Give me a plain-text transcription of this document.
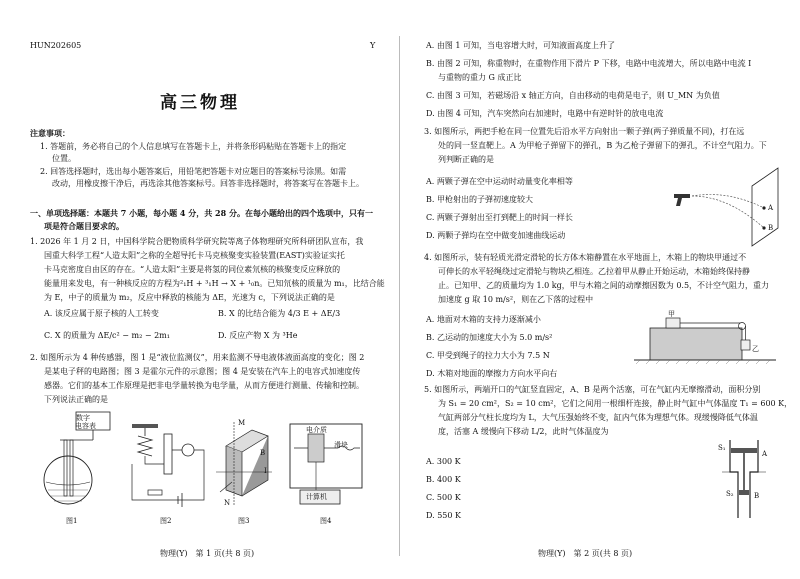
HUN202605	Y
高三物理
注意事项：
1. 答题前，务必将自己的个人信息填写在答题卡上，并将条形码粘贴在答题卡上的指定
位置。
2. 回答选择题时，选出每小题答案后，用铅笔把答题卡对应题目的答案标号涂黑。如需
改动，用橡皮擦干净后，再选涂其他答案标号。回答非选择题时，将答案写在答题卡上。
一、单项选择题：本题共 7 小题，每小题 4 分，共 28 分。在每小题给出的四个选项中，只有一
项是符合题目要求的。
1. 2026 年 1 月 2 日，中国科学院合肥物质科学研究院等离子体物理研究所科研团队宣布，我
国重大科学工程“人造太阳”之称的全超导托卡马克核聚变实验装置(EAST)实验证实托
卡马克密度自由区的存在。“人造太阳”主要是将氢的同位素氘核的核聚变反应释放的
能量用来发电，有一种核反应的方程为²₁H + ³₁H → X + ¹₀n。已知氘核的质量为 m₁，比结合能
为 E，中子的质量为 m₂，反应中释放的核能为 ΔE，光速为 c，下列说法正确的是
A. 该反应属于原子核的人工转变	B. X 的比结合能为 4/3 E + ΔE/3
C. X 的质量为 ΔE/c² − m₂ − 2m₁	D. 反应产物 X 为 ³He
2. 如图所示为 4 种传感器，图 1 是“液位监测仪”，用来监测不导电液体液面高度的变化；图 2
是某电子秤的电路图；图 3 是霍尔元件的示意图；图 4 是安装在汽车上的电容式加速度传
感器。它们的基本工作原理是把非电学量转换为电学量，从而方便进行测量、传输和控制。
下列说法正确的是
数字
电容表	M
B
N
I
电介质
滑块
计算机
图1	图2	图3	图4
物理(Y)　第 1 页(共 8 页)
A. 由图 1 可知，当电容增大时，可知液面高度上升了
B. 由图 2 可知，称重物时，在重物作用下滑片 P 下移，电路中电流增大，所以电路中电流 I
与重物的重力 G 成正比
C. 由图 3 可知，若磁场沿 x 轴正方向，自由移动的电荷是电子，则 U_MN 为负值
D. 由图 4 可知，汽车突然向右加速时，电路中有逆时针的放电电流
3. 如图所示，两把手枪在同一位置先后沿水平方向射出一颗子弹(两子弹质量不同)，打在远
处的同一竖直靶上。A 为甲枪子弹留下的弹孔，B 为乙枪子弹留下的弹孔，不计空气阻力。下
列判断正确的是
A. 两颗子弹在空中运动时动量变化率相等
B. 甲枪射出的子弹初速度较大
C. 两颗子弹射出至打到靶上的时间一样长
D. 两颗子弹均在空中做变加速曲线运动
A
B
4. 如图所示，装有轻质光滑定滑轮的长方体木箱静置在水平地面上，木箱上的物块甲通过不
可伸长的水平轻绳绕过定滑轮与物块乙相连。乙拉着甲从静止开始运动，木箱始终保持静
止。已知甲、乙的质量均为 1.0 kg，甲与木箱之间的动摩擦因数为 0.5，不计空气阻力，重力
加速度 g 取 10 m/s²，则在乙下落的过程中
A. 地面对木箱的支持力逐渐减小
B. 乙运动的加速度大小为 5.0 m/s²
C. 甲受到绳子的拉力大小为 7.5 N
D. 木箱对地面的摩擦力方向水平向右
甲
乙
5. 如图所示，两端开口的气缸竖直固定，A、B 是两个活塞，可在气缸内无摩擦滑动，面积分别
为 S₁ = 20 cm²，S₂ = 10 cm²，它们之间用一根细杆连接，静止时气缸中气体温度 T₁ = 600 K，
气缸两部分气柱长度均为 L，大气压强始终不变，缸内气体为理想气体。现缓慢降低气体温
度，活塞 A 缓慢向下移动 L/2，此时气体温度为
A. 300 K
B. 400 K
C. 500 K
D. 550 K
S₁
A
S₂	B
物理(Y)　第 2 页(共 8 页)
